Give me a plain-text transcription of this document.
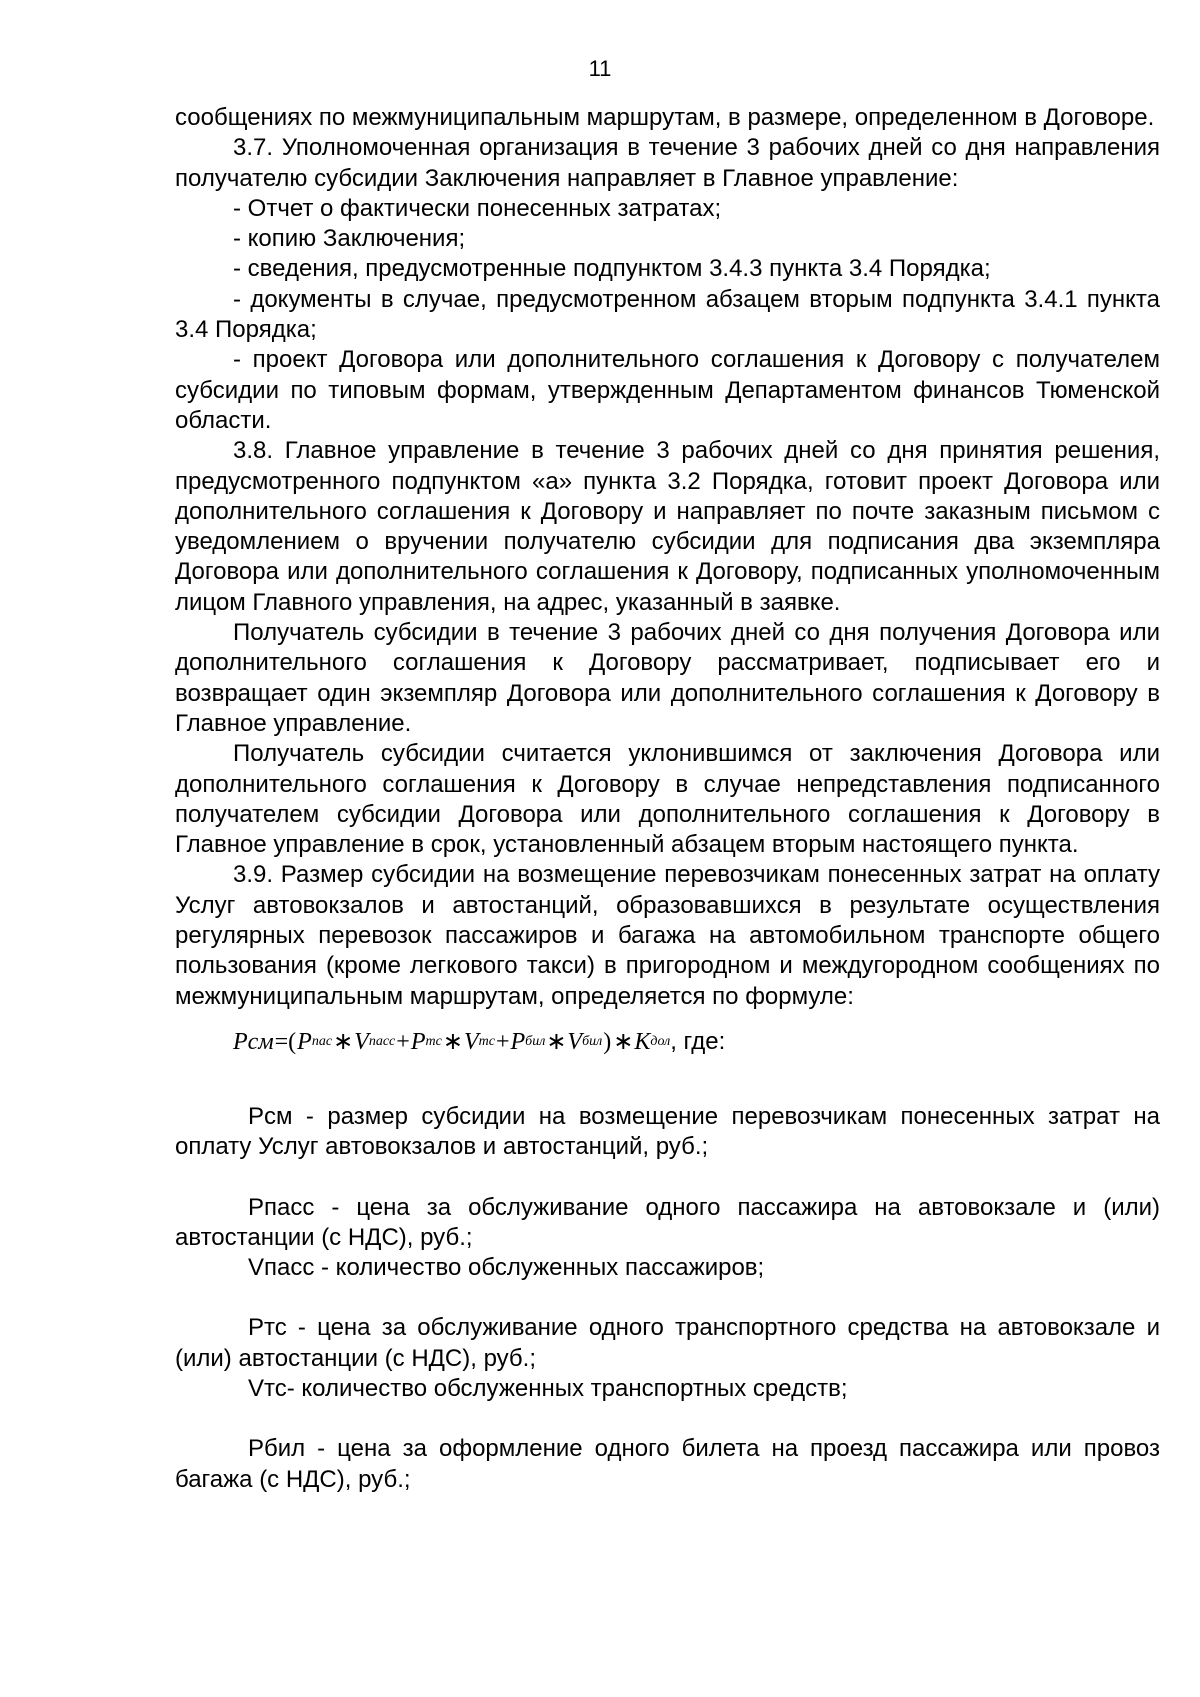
11

сообщениях по межмуниципальным маршрутам, в размере, определенном в Договоре.

3.7. Уполномоченная организация в течение 3 рабочих дней со дня направления получателю субсидии Заключения направляет в Главное управление:

- Отчет о фактически понесенных затратах;

- копию Заключения;

- сведения, предусмотренные подпунктом 3.4.3 пункта 3.4 Порядка;

- документы в случае, предусмотренном абзацем вторым подпункта 3.4.1 пункта 3.4 Порядка;

- проект Договора или дополнительного соглашения к Договору с получателем субсидии по типовым формам, утвержденным Департаментом финансов Тюменской области.

3.8. Главное управление в течение 3 рабочих дней со дня принятия решения, предусмотренного подпунктом «а» пункта 3.2 Порядка, готовит проект Договора или дополнительного соглашения к Договору и направляет по почте заказным письмом с уведомлением о вручении получателю субсидии для подписания два экземпляра Договора или дополнительного соглашения к Договору, подписанных уполномоченным лицом Главного управления, на адрес, указанный в заявке.

Получатель субсидии в течение 3 рабочих дней со дня получения Договора или дополнительного соглашения к Договору рассматривает, подписывает его и возвращает один экземпляр Договора или дополнительного соглашения к Договору в Главное управление.

Получатель субсидии считается уклонившимся от заключения Договора или дополнительного соглашения к Договору в случае непредставления подписанного получателем субсидии Договора или дополнительного соглашения к Договору в Главное управление в срок, установленный абзацем вторым настоящего пункта.

3.9. Размер субсидии на возмещение перевозчикам понесенных затрат на оплату Услуг автовокзалов и автостанций, образовавшихся в результате осуществления регулярных перевозок пассажиров и багажа на автомобильном транспорте общего пользования (кроме легкового такси) в пригородном и междугородном сообщениях по межмуниципальным маршрутам, определяется по формуле:

Pсм =( P пас ∗ V пасс + P тс ∗ V тс + P бил ∗ V бил ) ∗ K дол , где:

Рсм - размер субсидии на возмещение перевозчикам понесенных затрат на оплату Услуг автовокзалов и автостанций, руб.;

Рпасс - цена за обслуживание одного пассажира на автовокзале и (или) автостанции (с НДС), руб.;

Vпасс - количество обслуженных пассажиров;

Ртс - цена за обслуживание одного транспортного средства на автовокзале и (или) автостанции (с НДС), руб.;

Vтс- количество обслуженных транспортных средств;

Рбил - цена за оформление одного билета на проезд пассажира или провоз багажа (с НДС), руб.;
